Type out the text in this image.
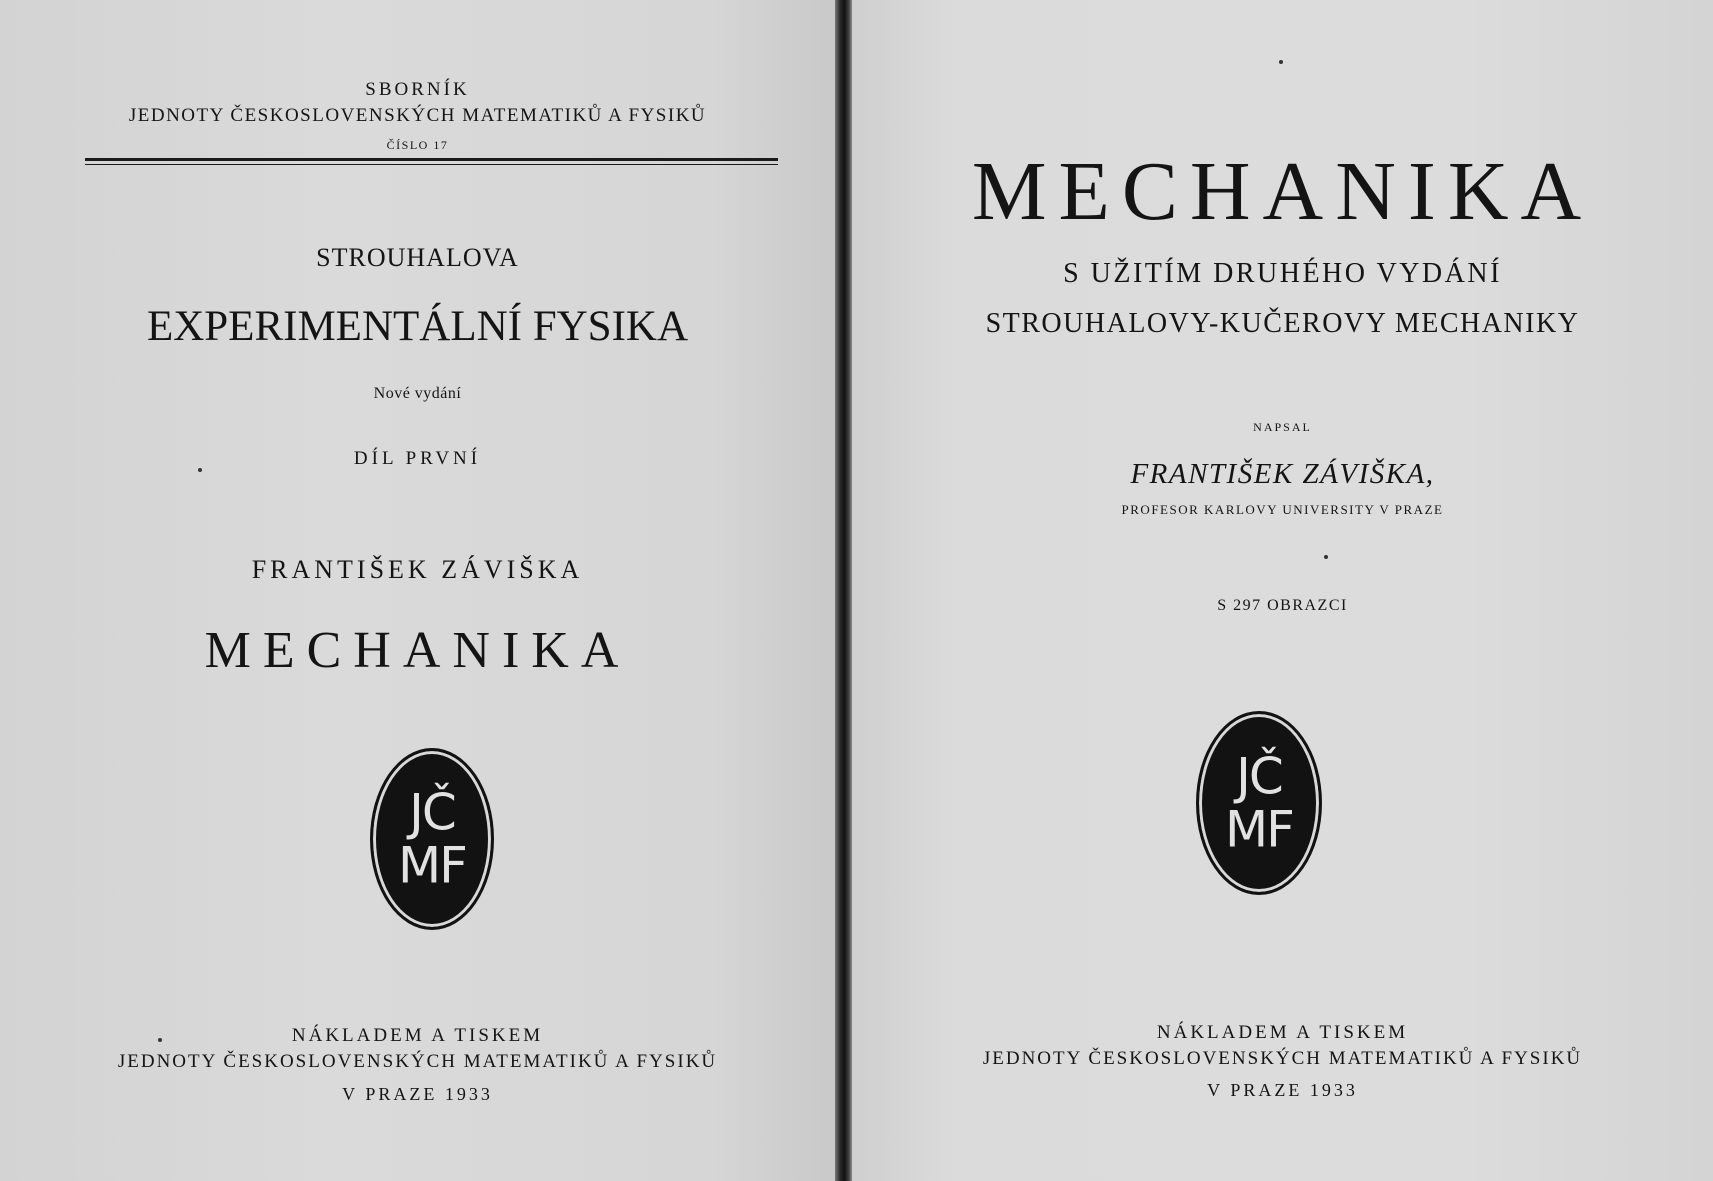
SBORNÍK
JEDNOTY ČESKOSLOVENSKÝCH MATEMATIKŮ A FYSIKŮ
ČÍSLO 17
STROUHALOVA
EXPERIMENTÁLNÍ FYSIKA
Nové vydání
DÍL PRVNÍ
FRANTIŠEK ZÁVIŠKA
MECHANIKA
JČ
MF
NÁKLADEM A TISKEM
JEDNOTY ČESKOSLOVENSKÝCH MATEMATIKŮ A FYSIKŮ
V PRAZE 1933
MECHANIKA
S UŽITÍM DRUHÉHO VYDÁNÍ
STROUHALOVY-KUČEROVY MECHANIKY
NAPSAL
FRANTIŠEK ZÁVIŠKA,
PROFESOR KARLOVY UNIVERSITY V PRAZE
S 297 OBRAZCI
JČ
MF
NÁKLADEM A TISKEM
JEDNOTY ČESKOSLOVENSKÝCH MATEMATIKŮ A FYSIKŮ
V PRAZE 1933
